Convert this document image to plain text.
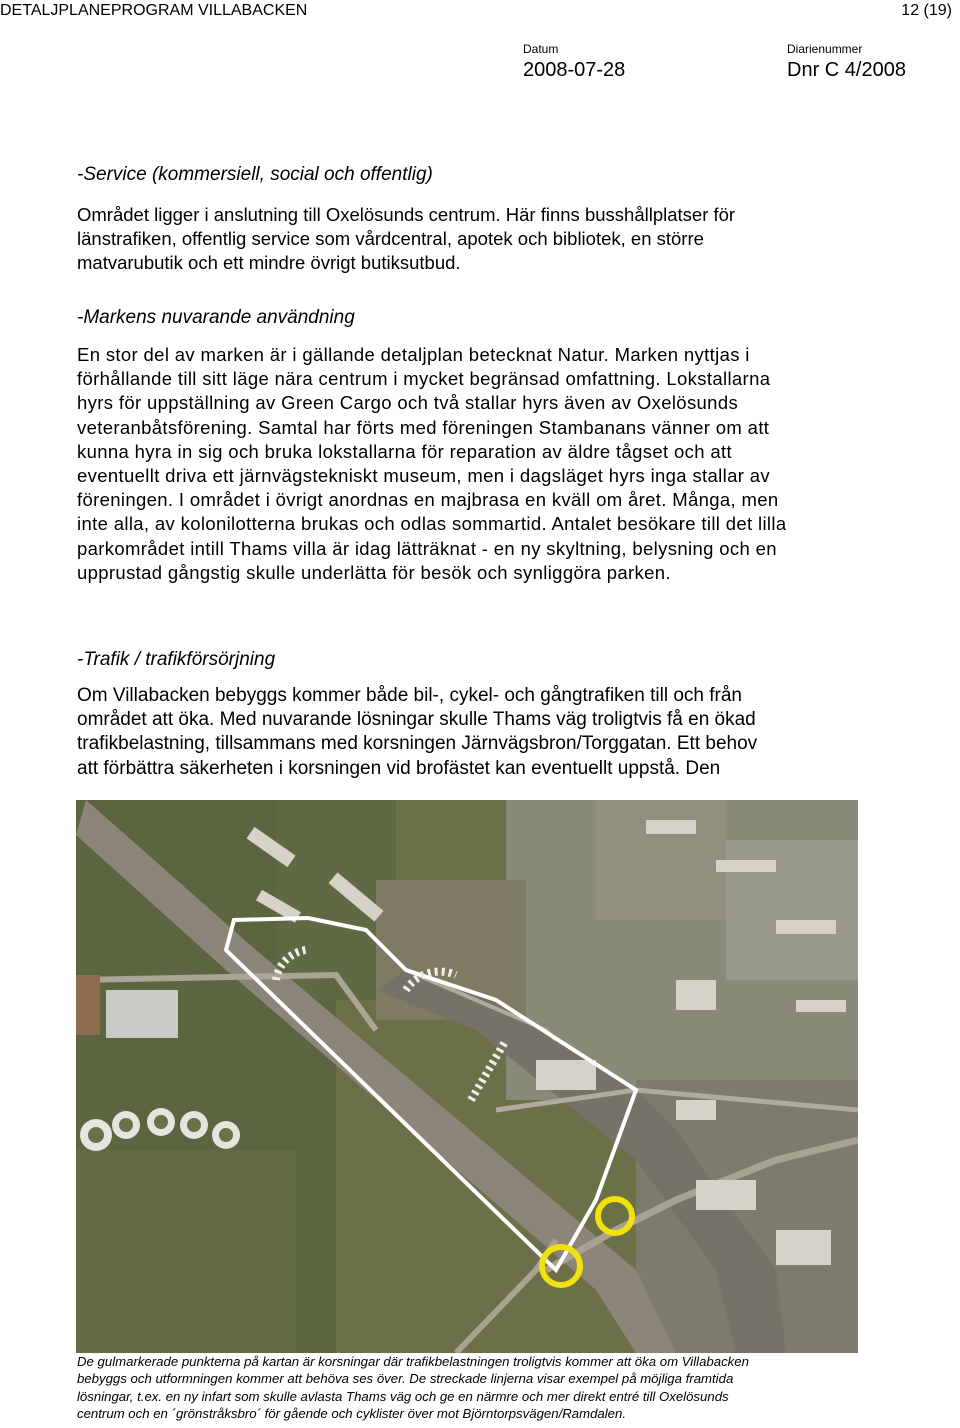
DETALJPLANEPROGRAM VILLABACKEN	12 (19)
Datum
2008-07-28
Diarienummer
Dnr C 4/2008
-Service (kommersiell, social och offentlig)
Området ligger i anslutning till Oxelösunds centrum. Här finns busshållplatser för
länstrafiken, offentlig service som vårdcentral, apotek och bibliotek, en större
matvarubutik och ett mindre övrigt butiksutbud.
-Markens nuvarande användning
En stor del av marken är i gällande detaljplan betecknat Natur. Marken nyttjas i
förhållande till sitt läge nära centrum i mycket begränsad omfattning. Lokstallarna
hyrs för uppställning av Green Cargo och två stallar hyrs även av Oxelösunds
veteranbåtsförening. Samtal har förts med föreningen Stambanans vänner om att
kunna hyra in sig och bruka lokstallarna för reparation av äldre tågset och att
eventuellt driva ett järnvägstekniskt museum, men i dagsläget hyrs inga stallar av
föreningen. I området i övrigt anordnas en majbrasa en kväll om året. Många, men
inte alla, av kolonilotterna brukas och odlas sommartid. Antalet besökare till det lilla
parkområdet intill Thams villa är idag lätträknat - en ny skyltning, belysning och en
upprustad gångstig skulle underlätta för besök och synliggöra parken.
-Trafik / trafikförsörjning
Om Villabacken bebyggs kommer både bil-, cykel- och gångtrafiken till och från
området att öka. Med nuvarande lösningar skulle Thams väg troligtvis få en ökad
trafikbelastning, tillsammans med korsningen Järnvägsbron/Torggatan. Ett behov
att förbättra säkerheten i korsningen vid brofästet kan eventuellt uppstå. Den
De gulmarkerade punkterna på kartan är korsningar där trafikbelastningen troligtvis kommer att öka om Villabacken
bebyggs och utformningen kommer att behöva ses över. De streckade linjerna visar exempel på möjliga framtida
lösningar, t.ex. en ny infart som skulle avlasta Thams väg och ge en närmre och mer direkt entré till Oxelösunds
centrum och en ´grönstråksbro´ för gående och cyklister över mot Björntorpsvägen/Ramdalen.
